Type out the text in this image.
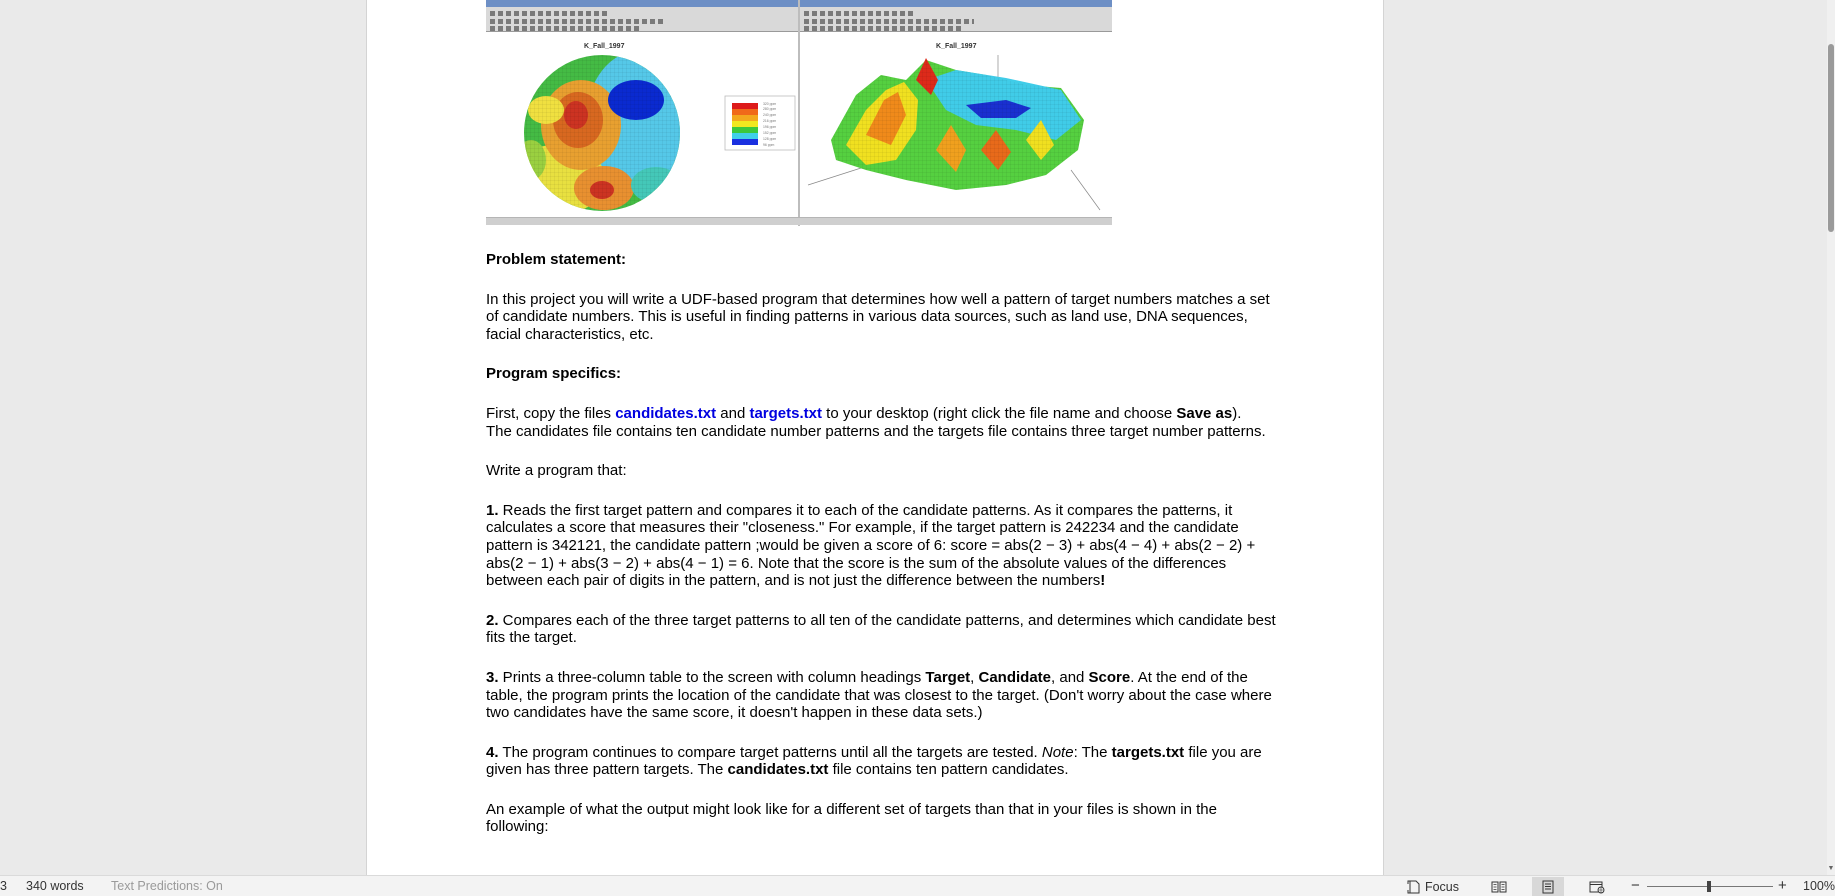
K_Fall_1997	K_Fall_1997
320 ppm
280 ppm
240 ppm
216 ppm
196 ppm
152 ppm
128 ppm
96 ppm

Problem statement:

In this project you will write a UDF-based program that determines how well a pattern of target numbers matches a set of candidate numbers. This is useful in finding patterns in various data sources, such as land use, DNA sequences, facial characteristics, etc.

Program specifics:

First, copy the files candidates.txt and targets.txt to your desktop (right click the file name and choose Save as).

The candidates file contains ten candidate number patterns and the targets file contains three target number patterns.

Write a program that:

1. Reads the first target pattern and compares it to each of the candidate patterns. As it compares the patterns, it calculates a score that measures their "closeness." For example, if the target pattern is 242234 and the candidate pattern is 342121, the candidate pattern ;would be given a score of 6: score = abs(2 − 3) + abs(4 − 4) + abs(2 − 2) + abs(2 − 1) + abs(3 − 2) + abs(4 − 1) = 6. Note that the score is the sum of the absolute values of the differences between each pair of digits in the pattern, and is not just the difference between the numbers!

2. Compares each of the three target patterns to all ten of the candidate patterns, and determines which candidate best fits the target.

3. Prints a three-column table to the screen with column headings Target, Candidate, and Score. At the end of the table, the program prints the location of the candidate that was closest to the target. (Don't worry about the case where two candidates have the same score, it doesn't happen in these data sets.)

4. The program continues to compare target patterns until all the targets are tested. Note: The targets.txt file you are given has three pattern targets. The candidates.txt file contains ten pattern candidates.

An example of what the output might look like for a different set of targets than that in your files is shown in the following:

▼
3 340 words Text Predictions: On	Focus	−	+ 100%
